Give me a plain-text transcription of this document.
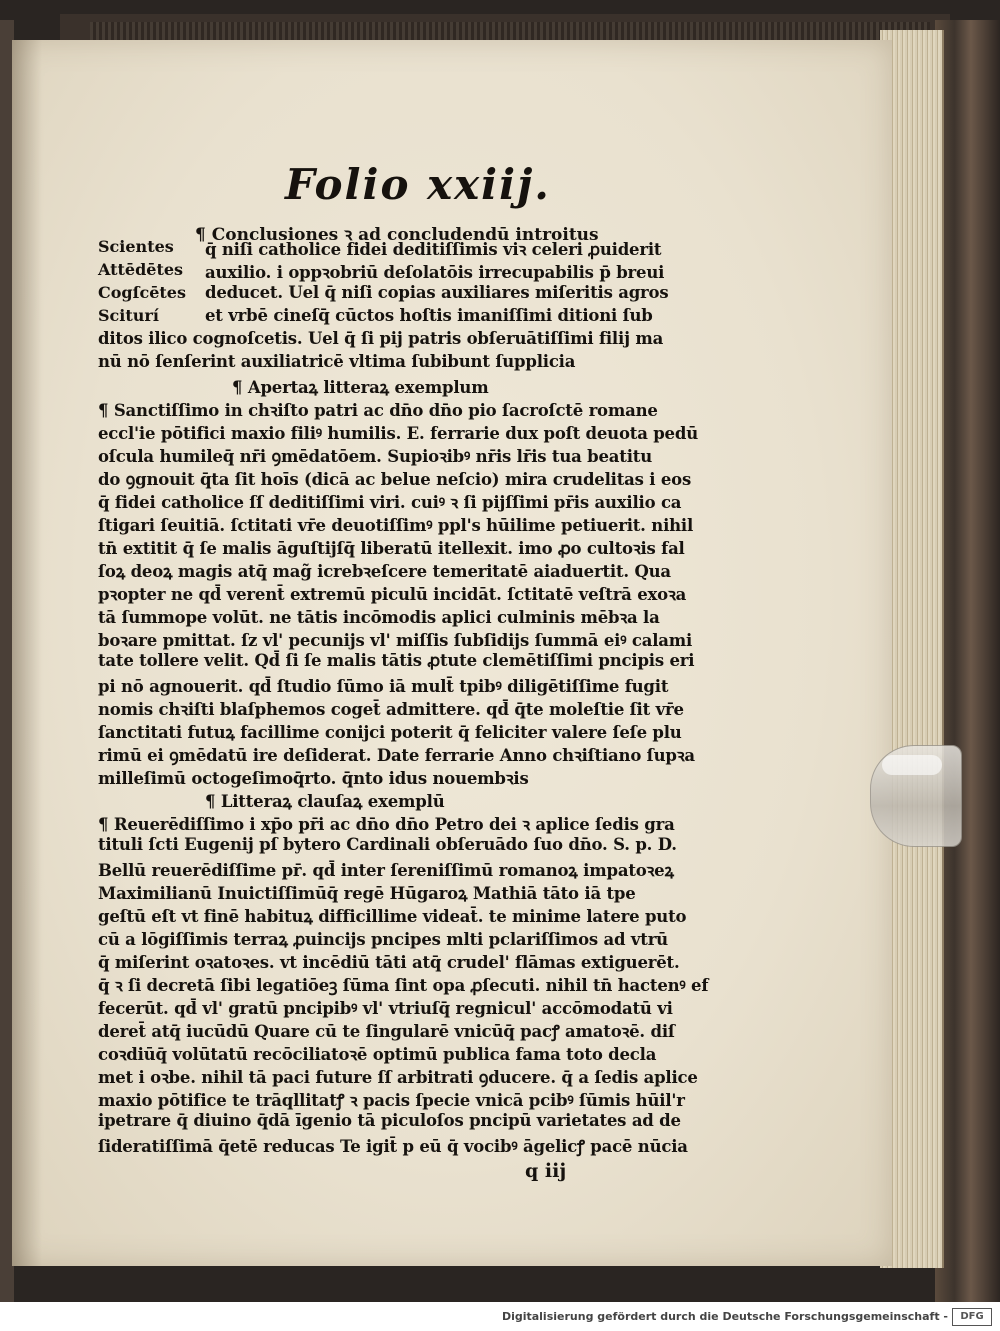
Folio xxiij.
¶ Conclusiones ꝛ ad concludendū introitus
Scientes
Attēdētes
Cogſcētes
Sciturí
q̄ niſi catholice fidei deditiſſimis viꝛ celeri ꝓuiderit
auxilio. i oppꝛobriū deſolatōis irrecupabilis p̄ breui
deducet. Uel q̄ niſi copias auxiliares miſeritis agros
et vrbē cineſq̄ cūctos hoſtis imaniſſimi ditioni ſub
ditos ilico cognoſcetis. Uel q̄ ſi pij patris obſeruātiſſimi filij ma
nū nō ſenſerint auxiliatricē vltima ſubibunt ſupplicia
¶ Apertaꝝ litteraꝝ exemplum
¶ Sanctiſſimo in chꝛiſto patri ac dn̄o dn̄o pio ſacroſctē romane
eccl'ie pōtifici maxio filiꝰ humilis. E. ferrarie dux poſt deuota pedū
oſcula humileq̄ nr̄i ꝯmēdatōem. Supioꝛibꝰ nr̄is lr̄is tua beatitu
do ꝯgnouit q̄ta ſit hoīs (dicā ac belue neſcio) mira crudelitas i eos
q̄ fidei catholice ſſ deditiſſimi viri. cuiꝰ ꝛ ſi pijſſimi pr̄is auxilio ca
ſtigari ſeuitiā. ſctitati vr̄e deuotiſſimꝰ ppl's hūilime petiuerit. nihil
tn̄ extitit q̄ ſe malis āguſtijſq̄ liberatū itellexit. imo ꝓo cultoꝛis fal
ſoꝝ deoꝝ magis atq̄ mag̃ icrebꝛeſcere temeritatē aiaduertit. Qua
pꝛopter ne qd̄ verent̄ extremū piculū incidāt. ſctitatē veſtrā exoꝛa
tā ſummope volūt. ne tātis incōmodis aplici culminis mēbꝛa la
boꝛare pmittat. ſz vl' pecunijs vl' miſſis ſubſidijs ſummā eiꝰ calami
tate tollere velit. Qd̄ ſi ſe malis tātis ꝓtute clemētiſſimi pncipis eri
pi nō agnouerit. qd̄ ſtudio ſūmo iā mult̄ tpibꝰ diligētiſſime fugit
nomis chꝛiſti blaſphemos coget̄ admittere. qd̄ q̄te moleſtie ſit vr̄e
ſanctitati futuꝝ facillime conijci poterit q̄ feliciter valere ſeſe plu
rimū ei ꝯmēdatū ire deſiderat. Date ferrarie Anno chꝛiſtiano ſupꝛa
milleſimū octogeſimoq̄rto. q̄nto idus nouembꝛis
¶ Litteraꝝ clauſaꝝ exemplū
¶ Reuerēdiſſimo i xp̄o pr̄i ac dn̄o dn̄o Petro dei ꝛ aplice ſedis gra
tituli ſcti Eugenij pſ bytero Cardinali obſeruādo ſuo dn̄o. S. p. D.
Bellū reuerēdiſſime pr̄. qd̄ inter ſereniſſimū romanoꝝ impatoꝛeꝝ
Maximilianū Inuictiſſimūq̄ regē Hūgaroꝝ Mathiā tāto iā tpe
geſtū eſt vt finē habituꝝ difficillime videat̄. te minime latere puto
cū a lōgiſſimis terraꝝ ꝓuincijs pncipes mlti pclariſſimos ad vtrū
q̄ miſerint oꝛatoꝛes. vt incēdiū tāti atq̄ crudel' flāmas extiguerēt.
q̄ ꝛ ſi decretā ſibi legatiōeꝫ ſūma ſint opa ꝓſecuti. nihil tn̄ hactenꝰ ef
fecerūt. qd̄ vl' gratū pncipibꝰ vl' vtriuſq̄ regnicul' accōmodatū vi
deret̄ atq̄ iucūdū Quare cū te ſingularē vnicūq̄ pacꝭ amatoꝛē. diſ
coꝛdiūq̄ volūtatū recōciliatoꝛē optimū publica fama toto decla
met i oꝛbe. nihil tā paci future ſſ arbitrati ꝯducere. q̄ a ſedis aplice
maxio pōtifice te trāqllitatꝭ ꝛ pacis ſpecie vnicā pcibꝰ ſūmis hūil'r
ipetrare q̄ diuino q̄dā īgenio tā piculoſos pncipū varietates ad de
ſideratiſſimā q̄etē reducas Te igit̄ p eū q̄ vocibꝰ āgelicꝭ pacē nūcia
q iij
Digitalisierung gefördert durch die Deutsche Forschungsgemeinschaft -	DFG
